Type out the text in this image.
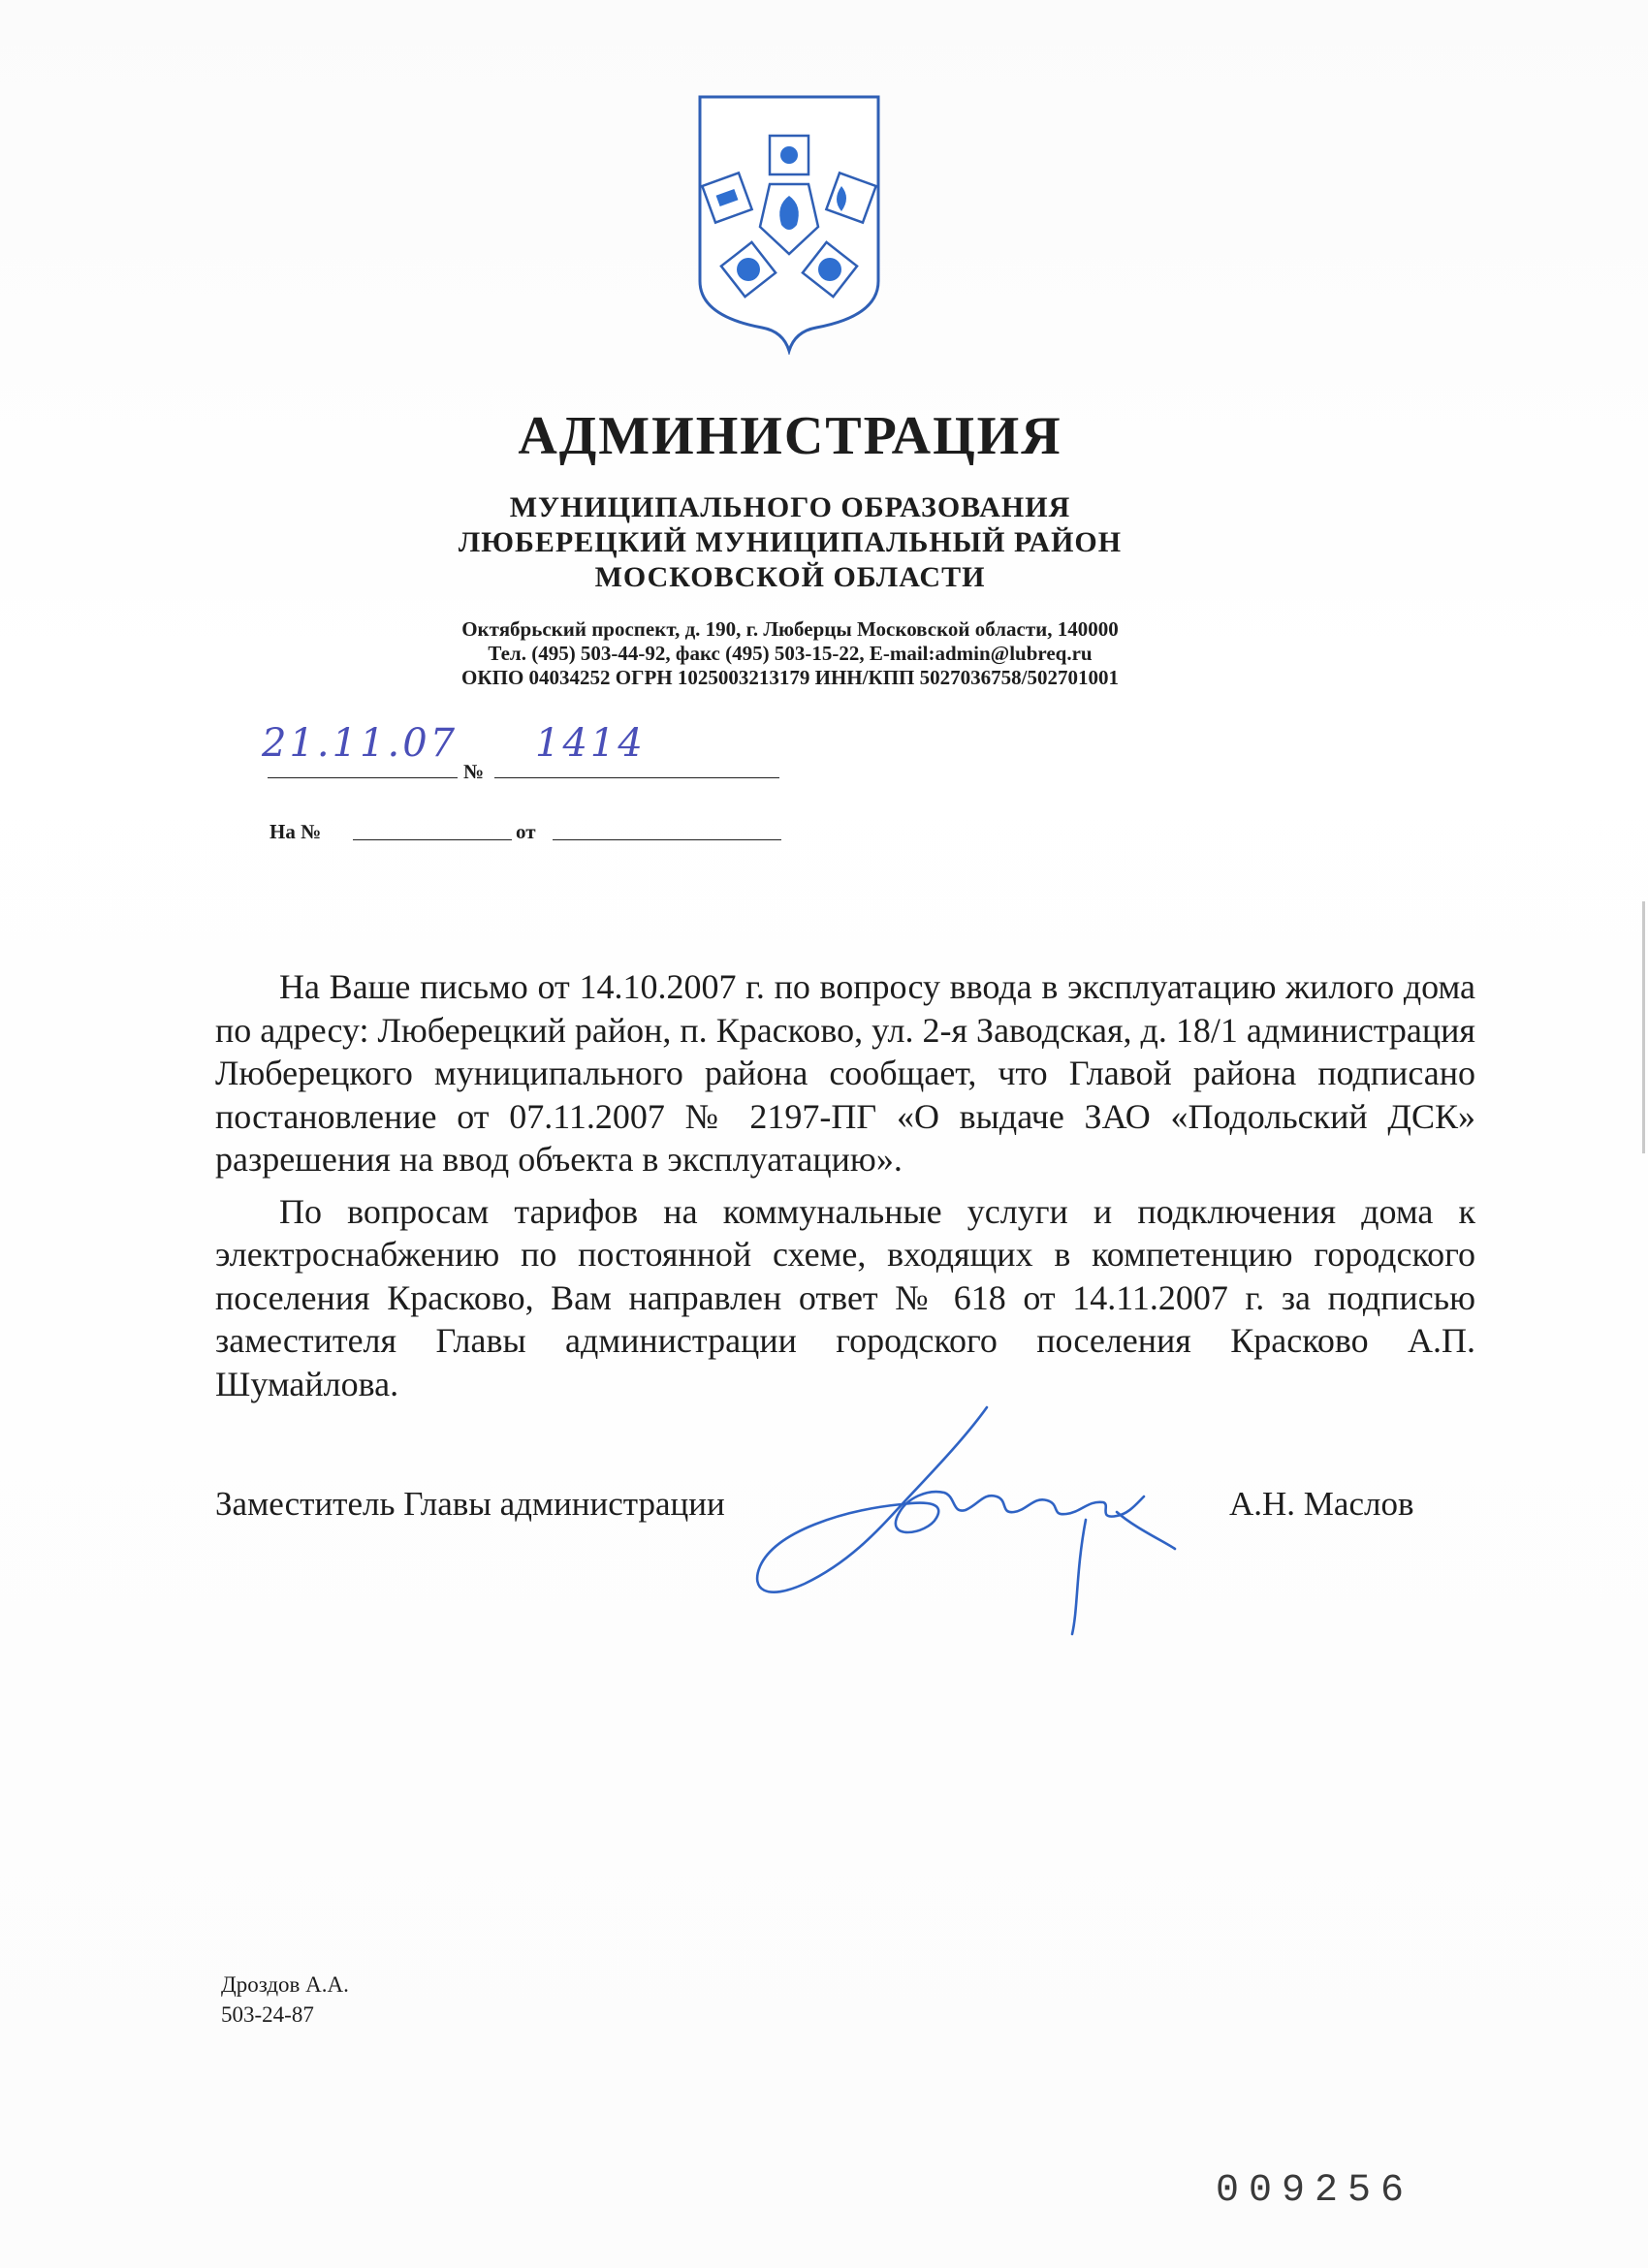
АДМИНИСТРАЦИЯ
МУНИЦИПАЛЬНОГО ОБРАЗОВАНИЯ
ЛЮБЕРЕЦКИЙ МУНИЦИПАЛЬНЫЙ РАЙОН
МОСКОВСКОЙ ОБЛАСТИ
Октябрьский проспект, д. 190, г. Люберцы Московской области, 140000
Тел. (495) 503-44-92, факс (495) 503-15-22, E-mail:admin@lubreq.ru
ОКПО 04034252 ОГРН 1025003213179 ИНН/КПП 5027036758/502701001
21.11.07
№
1414
На №	от

На Ваше письмо от 14.10.2007 г. по вопросу ввода в эксплуатацию жилого дома по адресу: Люберецкий район, п. Красково, ул. 2-я Заводская, д. 18/1 администрация Люберецкого муниципального района сообщает, что Главой района подписано постановление от 07.11.2007 № 2197-ПГ «О выдаче ЗАО «Подольский ДСК» разрешения на ввод объекта в эксплуатацию».

По вопросам тарифов на коммунальные услуги и подключения дома к электроснабжению по постоянной схеме, входящих в компетенцию городского поселения Красково, Вам направлен ответ № 618 от 14.11.2007 г. за подписью заместителя Главы администрации городского поселения Красково А.П. Шумайлова.

Заместитель Главы администрации	А.Н. Маслов
Дроздов А.А.
503-24-87
009256
